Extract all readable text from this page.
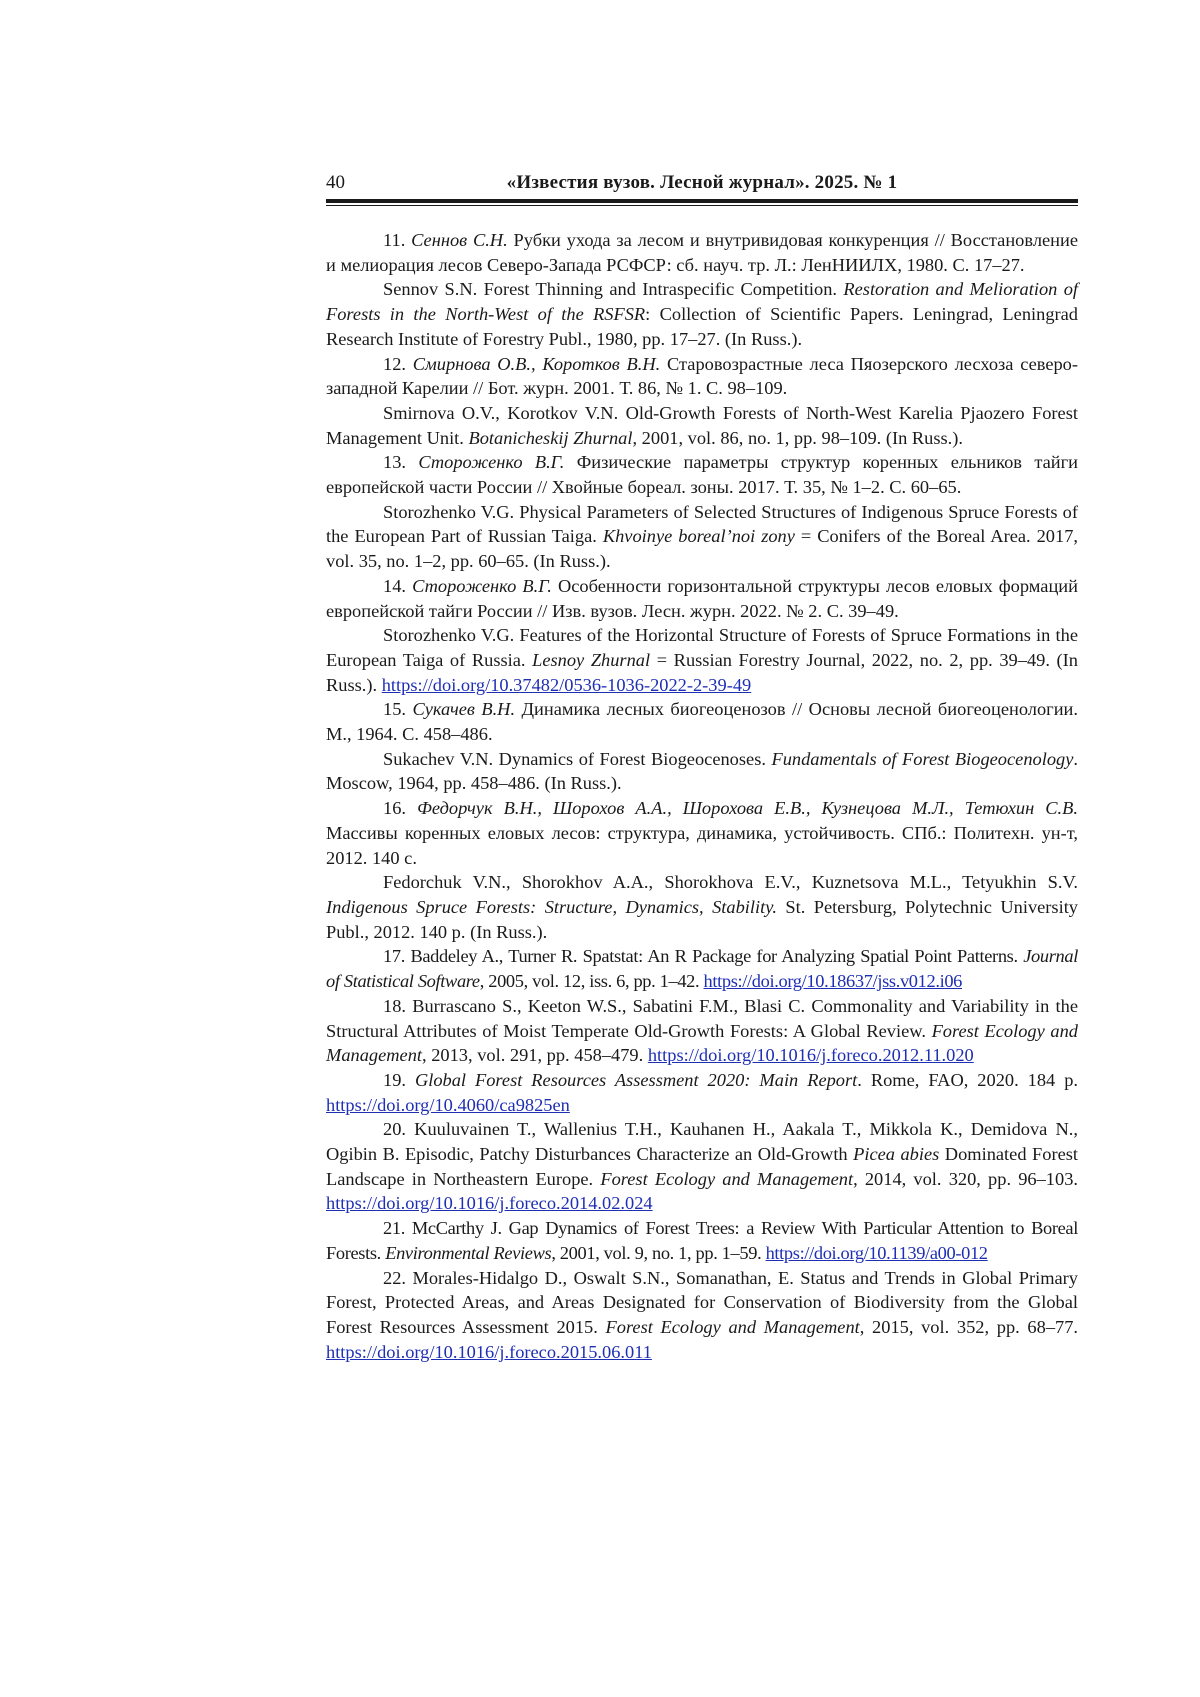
40	«Известия вузов. Лесной журнал». 2025. № 1

11. Сеннов С.Н. Рубки ухода за лесом и внутривидовая конкуренция // Восстановление и мелиорация лесов Северо-Запада РСФСР: сб. науч. тр. Л.: ЛенНИИЛХ, 1980. С. 17–27.

Sennov S.N. Forest Thinning and Intraspecific Competition. Restoration and Melioration of Forests in the North-West of the RSFSR: Collection of Scientific Papers. Leningrad, Leningrad Research Institute of Forestry Publ., 1980, pp. 17–27. (In Russ.).

12. Смирнова О.В., Коротков В.Н. Старовозрастные леса Пяозерского лесхоза северо-западной Карелии // Бот. журн. 2001. Т. 86, № 1. С. 98–109.

Smirnova O.V., Korotkov V.N. Old-Growth Forests of North-West Karelia Pjaozero Forest Management Unit. Botanicheskij Zhurnal, 2001, vol. 86, no. 1, pp. 98–109. (In Russ.).

13. Стороженко В.Г. Физические параметры структур коренных ельников тайги европейской части России // Хвойные бореал. зоны. 2017. Т. 35, № 1–2. С. 60–65.

Storozhenko V.G. Physical Parameters of Selected Structures of Indigenous Spruce Forests of the European Part of Russian Taiga. Khvoinye boreal’noi zony = Conifers of the Boreal Area. 2017, vol. 35, no. 1–2, pp. 60–65. (In Russ.).

14. Стороженко В.Г. Особенности горизонтальной структуры лесов еловых формаций европейской тайги России // Изв. вузов. Лесн. журн. 2022. № 2. С. 39–49.

Storozhenko V.G. Features of the Horizontal Structure of Forests of Spruce Formations in the European Taiga of Russia. Lesnoy Zhurnal = Russian Forestry Journal, 2022, no. 2, pp. 39–49. (In Russ.). https://doi.org/10.37482/0536-1036-2022-2-39-49

15. Сукачев В.Н. Динамика лесных биогеоценозов // Основы лесной биогеоценологии. М., 1964. С. 458–486.

Sukachev V.N. Dynamics of Forest Biogeocenoses. Fundamentals of Forest Biogeocenology. Moscow, 1964, pp. 458–486. (In Russ.).

16. Федорчук В.Н., Шорохов А.А., Шорохова Е.В., Кузнецова М.Л., Тетюхин С.В. Массивы коренных еловых лесов: структура, динамика, устойчивость. СПб.: Политехн. ун-т, 2012. 140 с.

Fedorchuk V.N., Shorokhov A.A., Shorokhova E.V., Kuznetsova M.L., Tetyukhin S.V. Indigenous Spruce Forests: Structure, Dynamics, Stability. St. Petersburg, Polytechnic University Publ., 2012. 140 p. (In Russ.).

17. Baddeley A., Turner R. Spatstat: An R Package for Analyzing Spatial Point Patterns. Journal of Statistical Software, 2005, vol. 12, iss. 6, pp. 1–42. https://doi.org/10.18637/jss.v012.i06

18. Burrascano S., Keeton W.S., Sabatini F.M., Blasi C. Commonality and Variability in the Structural Attributes of Moist Temperate Old-Growth Forests: A Global Review. Forest Ecology and Management, 2013, vol. 291, pp. 458–479. https://doi.org/10.1016/j.foreco.2012.11.020

19. Global Forest Resources Assessment 2020: Main Report. Rome, FAO, 2020. 184 p. https://doi.org/10.4060/ca9825en

20. Kuuluvainen T., Wallenius T.H., Kauhanen H., Aakala T., Mikkola K., Demidova N., Ogibin B. Episodic, Patchy Disturbances Characterize an Old-Growth Picea abies Dominated Forest Landscape in Northeastern Europe. Forest Ecology and Management, 2014, vol. 320, pp. 96–103. https://doi.org/10.1016/j.foreco.2014.02.024

21. McCarthy J. Gap Dynamics of Forest Trees: a Review With Particular Attention to Boreal Forests. Environmental Reviews, 2001, vol. 9, no. 1, pp. 1–59. https://doi.org/10.1139/a00-012

22. Morales-Hidalgo D., Oswalt S.N., Somanathan, E. Status and Trends in Global Primary Forest, Protected Areas, and Areas Designated for Conservation of Biodiversity from the Global Forest Resources Assessment 2015. Forest Ecology and Management, 2015, vol. 352, pp. 68–77. https://doi.org/10.1016/j.foreco.2015.06.011
